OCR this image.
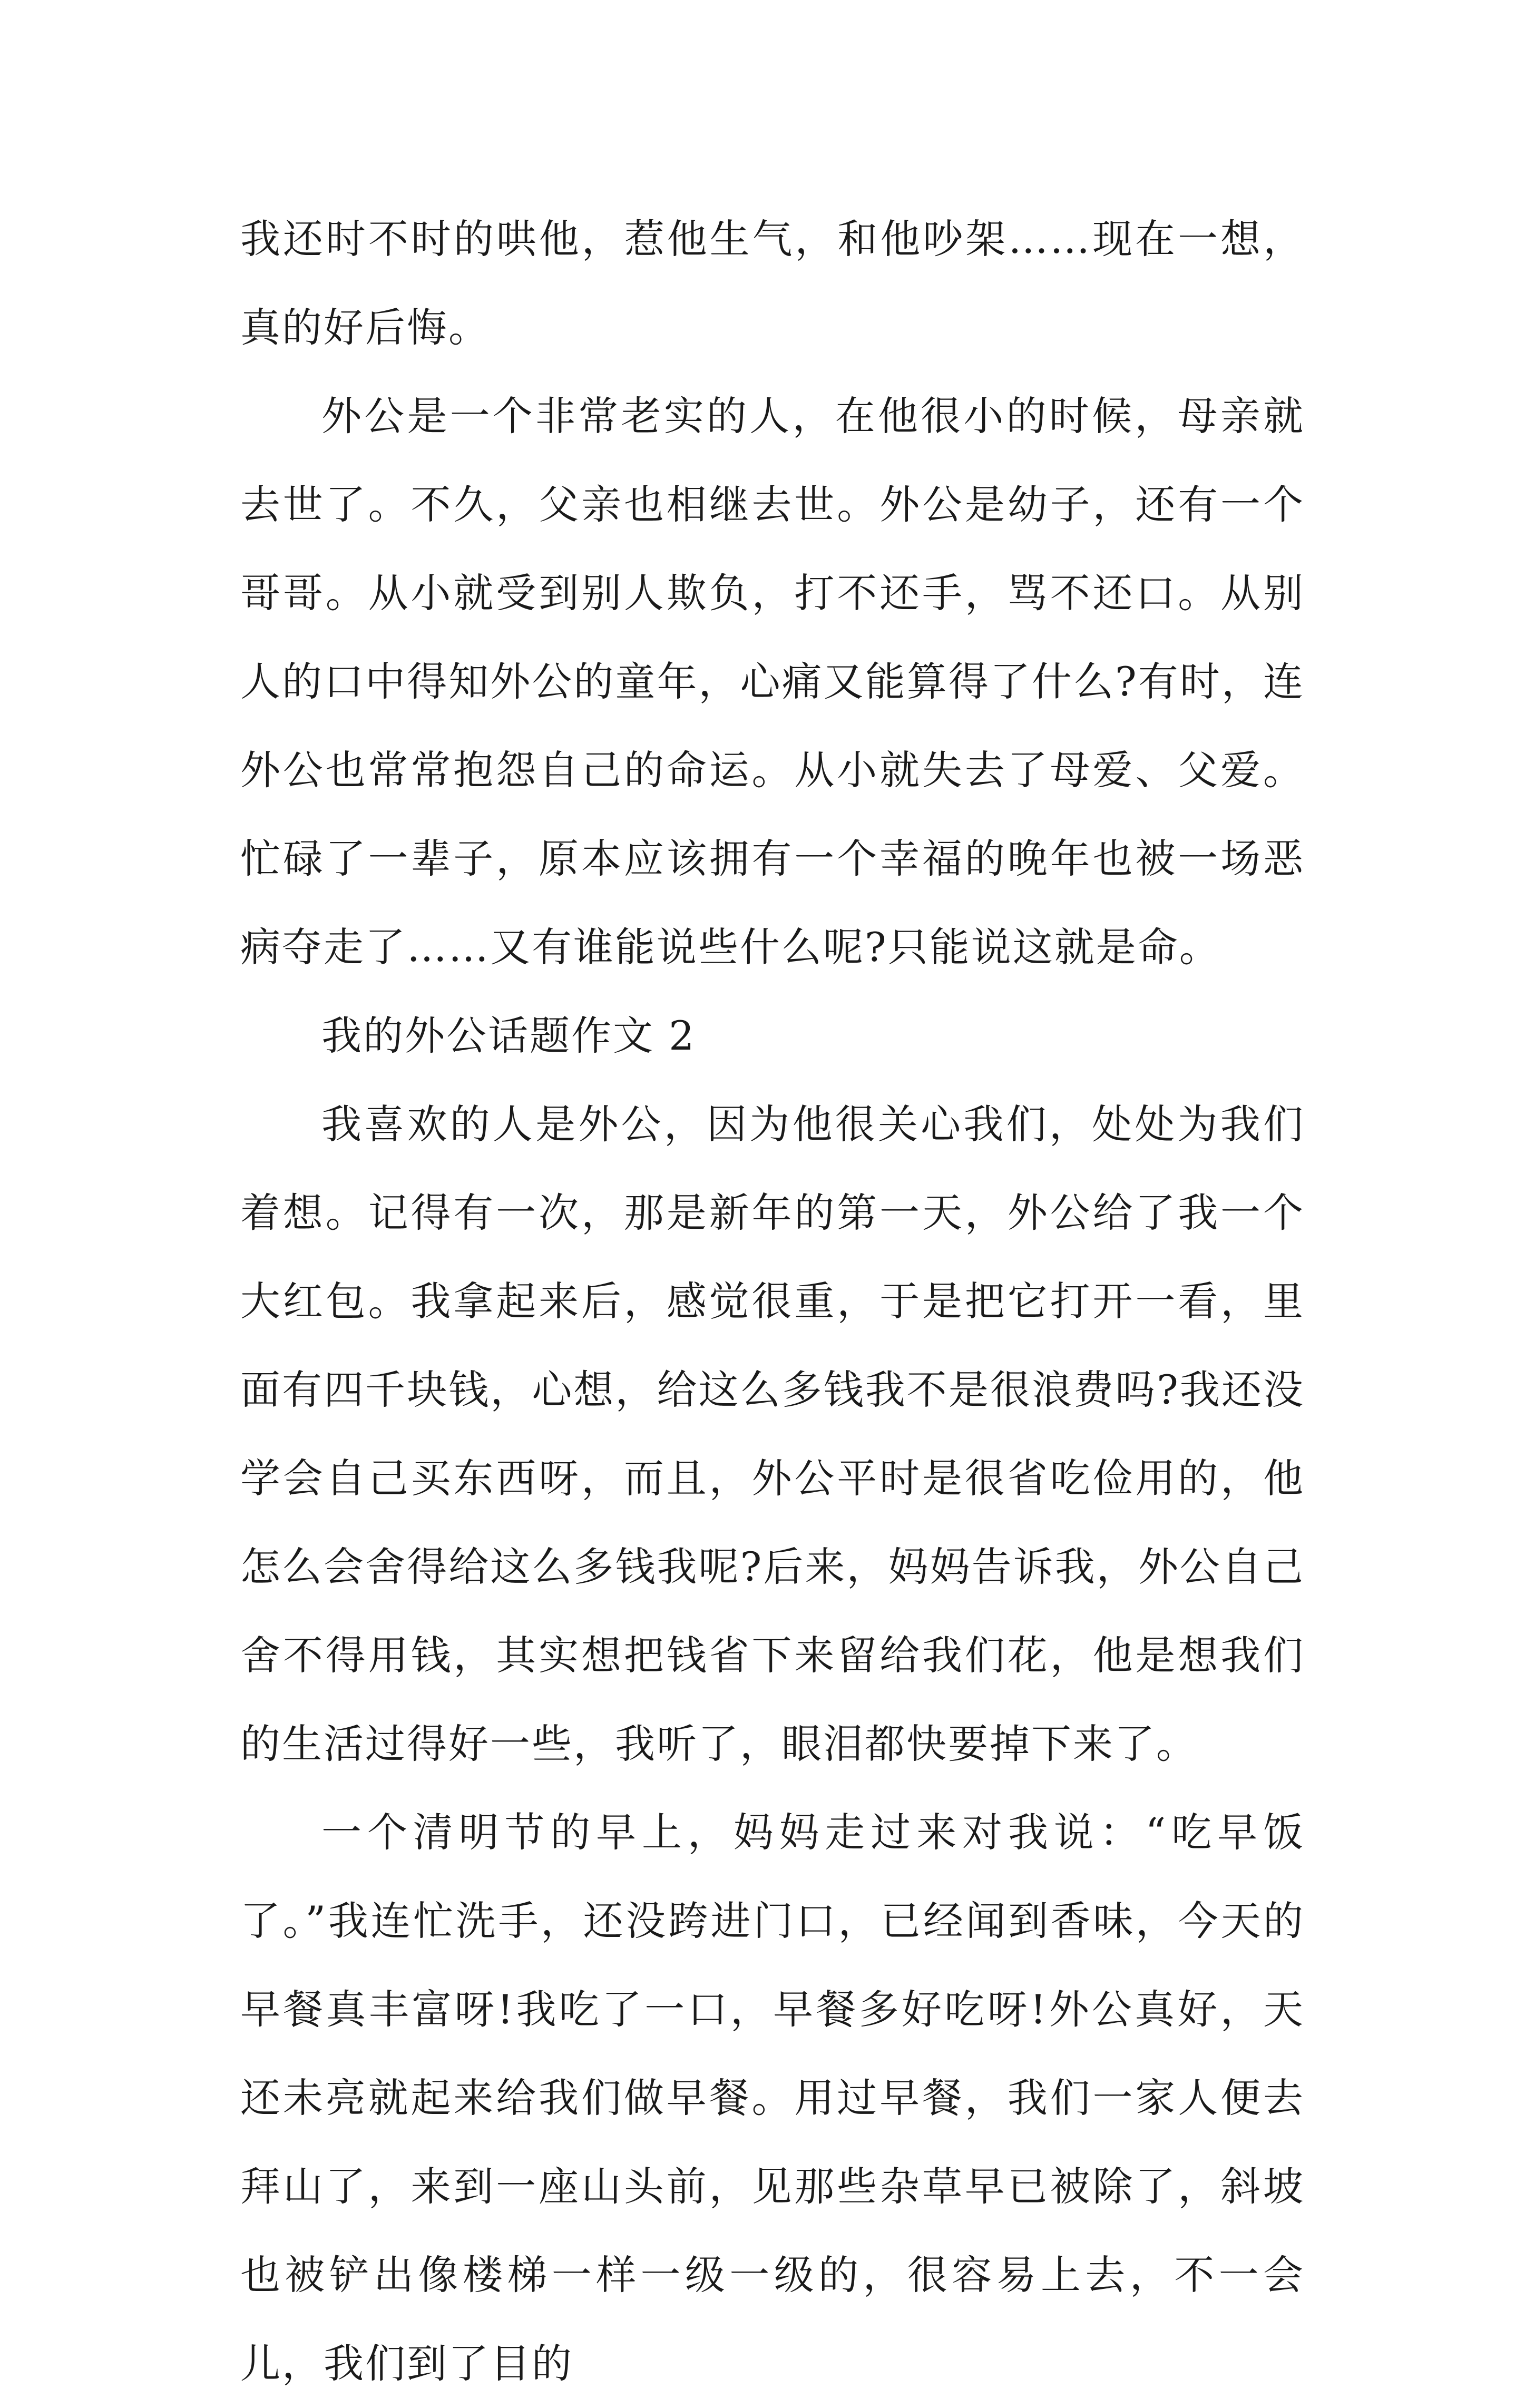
我还时不时的哄他，惹他生气，和他吵架……现在一想，真的好后悔。

外公是一个非常老实的人，在他很小的时候，母亲就去世了。不久，父亲也相继去世。外公是幼子，还有一个哥哥。从小就受到别人欺负，打不还手，骂不还口。从别人的口中得知外公的童年，心痛又能算得了什么?有时，连外公也常常抱怨自己的命运。从小就失去了母爱、父爱。忙碌了一辈子，原本应该拥有一个幸福的晚年也被一场恶病夺走了……又有谁能说些什么呢?只能说这就是命。

我的外公话题作文 2

我喜欢的人是外公，因为他很关心我们，处处为我们着想。记得有一次，那是新年的第一天，外公给了我一个大红包。我拿起来后，感觉很重，于是把它打开一看，里面有四千块钱，心想，给这么多钱我不是很浪费吗?我还没学会自己买东西呀，而且，外公平时是很省吃俭用的，他怎么会舍得给这么多钱我呢?后来，妈妈告诉我，外公自己舍不得用钱，其实想把钱省下来留给我们花，他是想我们的生活过得好一些，我听了，眼泪都快要掉下来了。

一个清明节的早上，妈妈走过来对我说：“吃早饭了。”我连忙洗手，还没跨进门口，已经闻到香味，今天的早餐真丰富呀!我吃了一口，早餐多好吃呀!外公真好，天还未亮就起来给我们做早餐。用过早餐，我们一家人便去拜山了，来到一座山头前，见那些杂草早已被除了，斜坡也被铲出像楼梯一样一级一级的，很容易上去，不一会儿，我们到了目的
